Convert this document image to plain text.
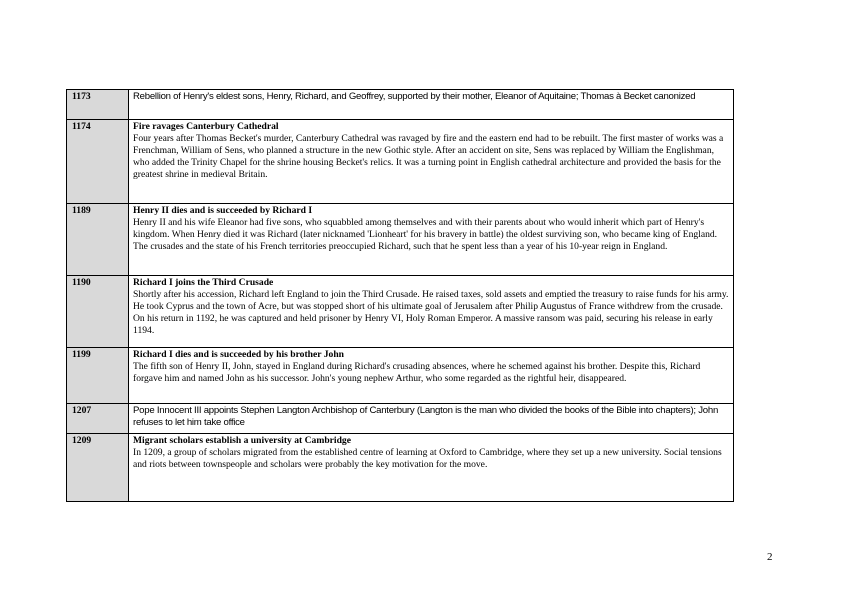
1173	Rebellion of Henry's eldest sons, Henry, Richard, and Geoffrey, supported by their mother, Eleanor of Aquitaine; Thomas à Becket canonized
1174	Fire ravages Canterbury Cathedral
Four years after Thomas Becket's murder, Canterbury Cathedral was ravaged by fire and the eastern end had to be rebuilt. The first master of works was a Frenchman, William of Sens, who planned a structure in the new Gothic style. After an accident on site, Sens was replaced by William the Englishman, who added the Trinity Chapel for the shrine housing Becket's relics. It was a turning point in English cathedral architecture and provided the basis for the greatest shrine in medieval Britain.

1189	Henry II dies and is succeeded by Richard I
Henry II and his wife Eleanor had five sons, who squabbled among themselves and with their parents about who would inherit which part of Henry's kingdom. When Henry died it was Richard (later nicknamed 'Lionheart' for his bravery in battle) the oldest surviving son, who became king of England. The crusades and the state of his French territories preoccupied Richard, such that he spent less than a year of his 10-year reign in England.

1190	Richard I joins the Third Crusade
Shortly after his accession, Richard left England to join the Third Crusade. He raised taxes, sold assets and emptied the treasury to raise funds for his army. He took Cyprus and the town of Acre, but was stopped short of his ultimate goal of Jerusalem after Philip Augustus of France withdrew from the crusade. On his return in 1192, he was captured and held prisoner by Henry VI, Holy Roman Emperor. A massive ransom was paid, securing his release in early 1194.

1199	Richard I dies and is succeeded by his brother John
The fifth son of Henry II, John, stayed in England during Richard's crusading absences, where he schemed against his brother. Despite this, Richard forgave him and named John as his successor. John's young nephew Arthur, who some regarded as the rightful heir, disappeared.

1207	Pope Innocent III appoints Stephen Langton Archbishop of Canterbury (Langton is the man who divided the books of the Bible into chapters); John refuses to let him take office
1209	Migrant scholars establish a university at Cambridge
In 1209, a group of scholars migrated from the established centre of learning at Oxford to Cambridge, where they set up a new university. Social tensions and riots between townspeople and scholars were probably the key motivation for the move.
2
